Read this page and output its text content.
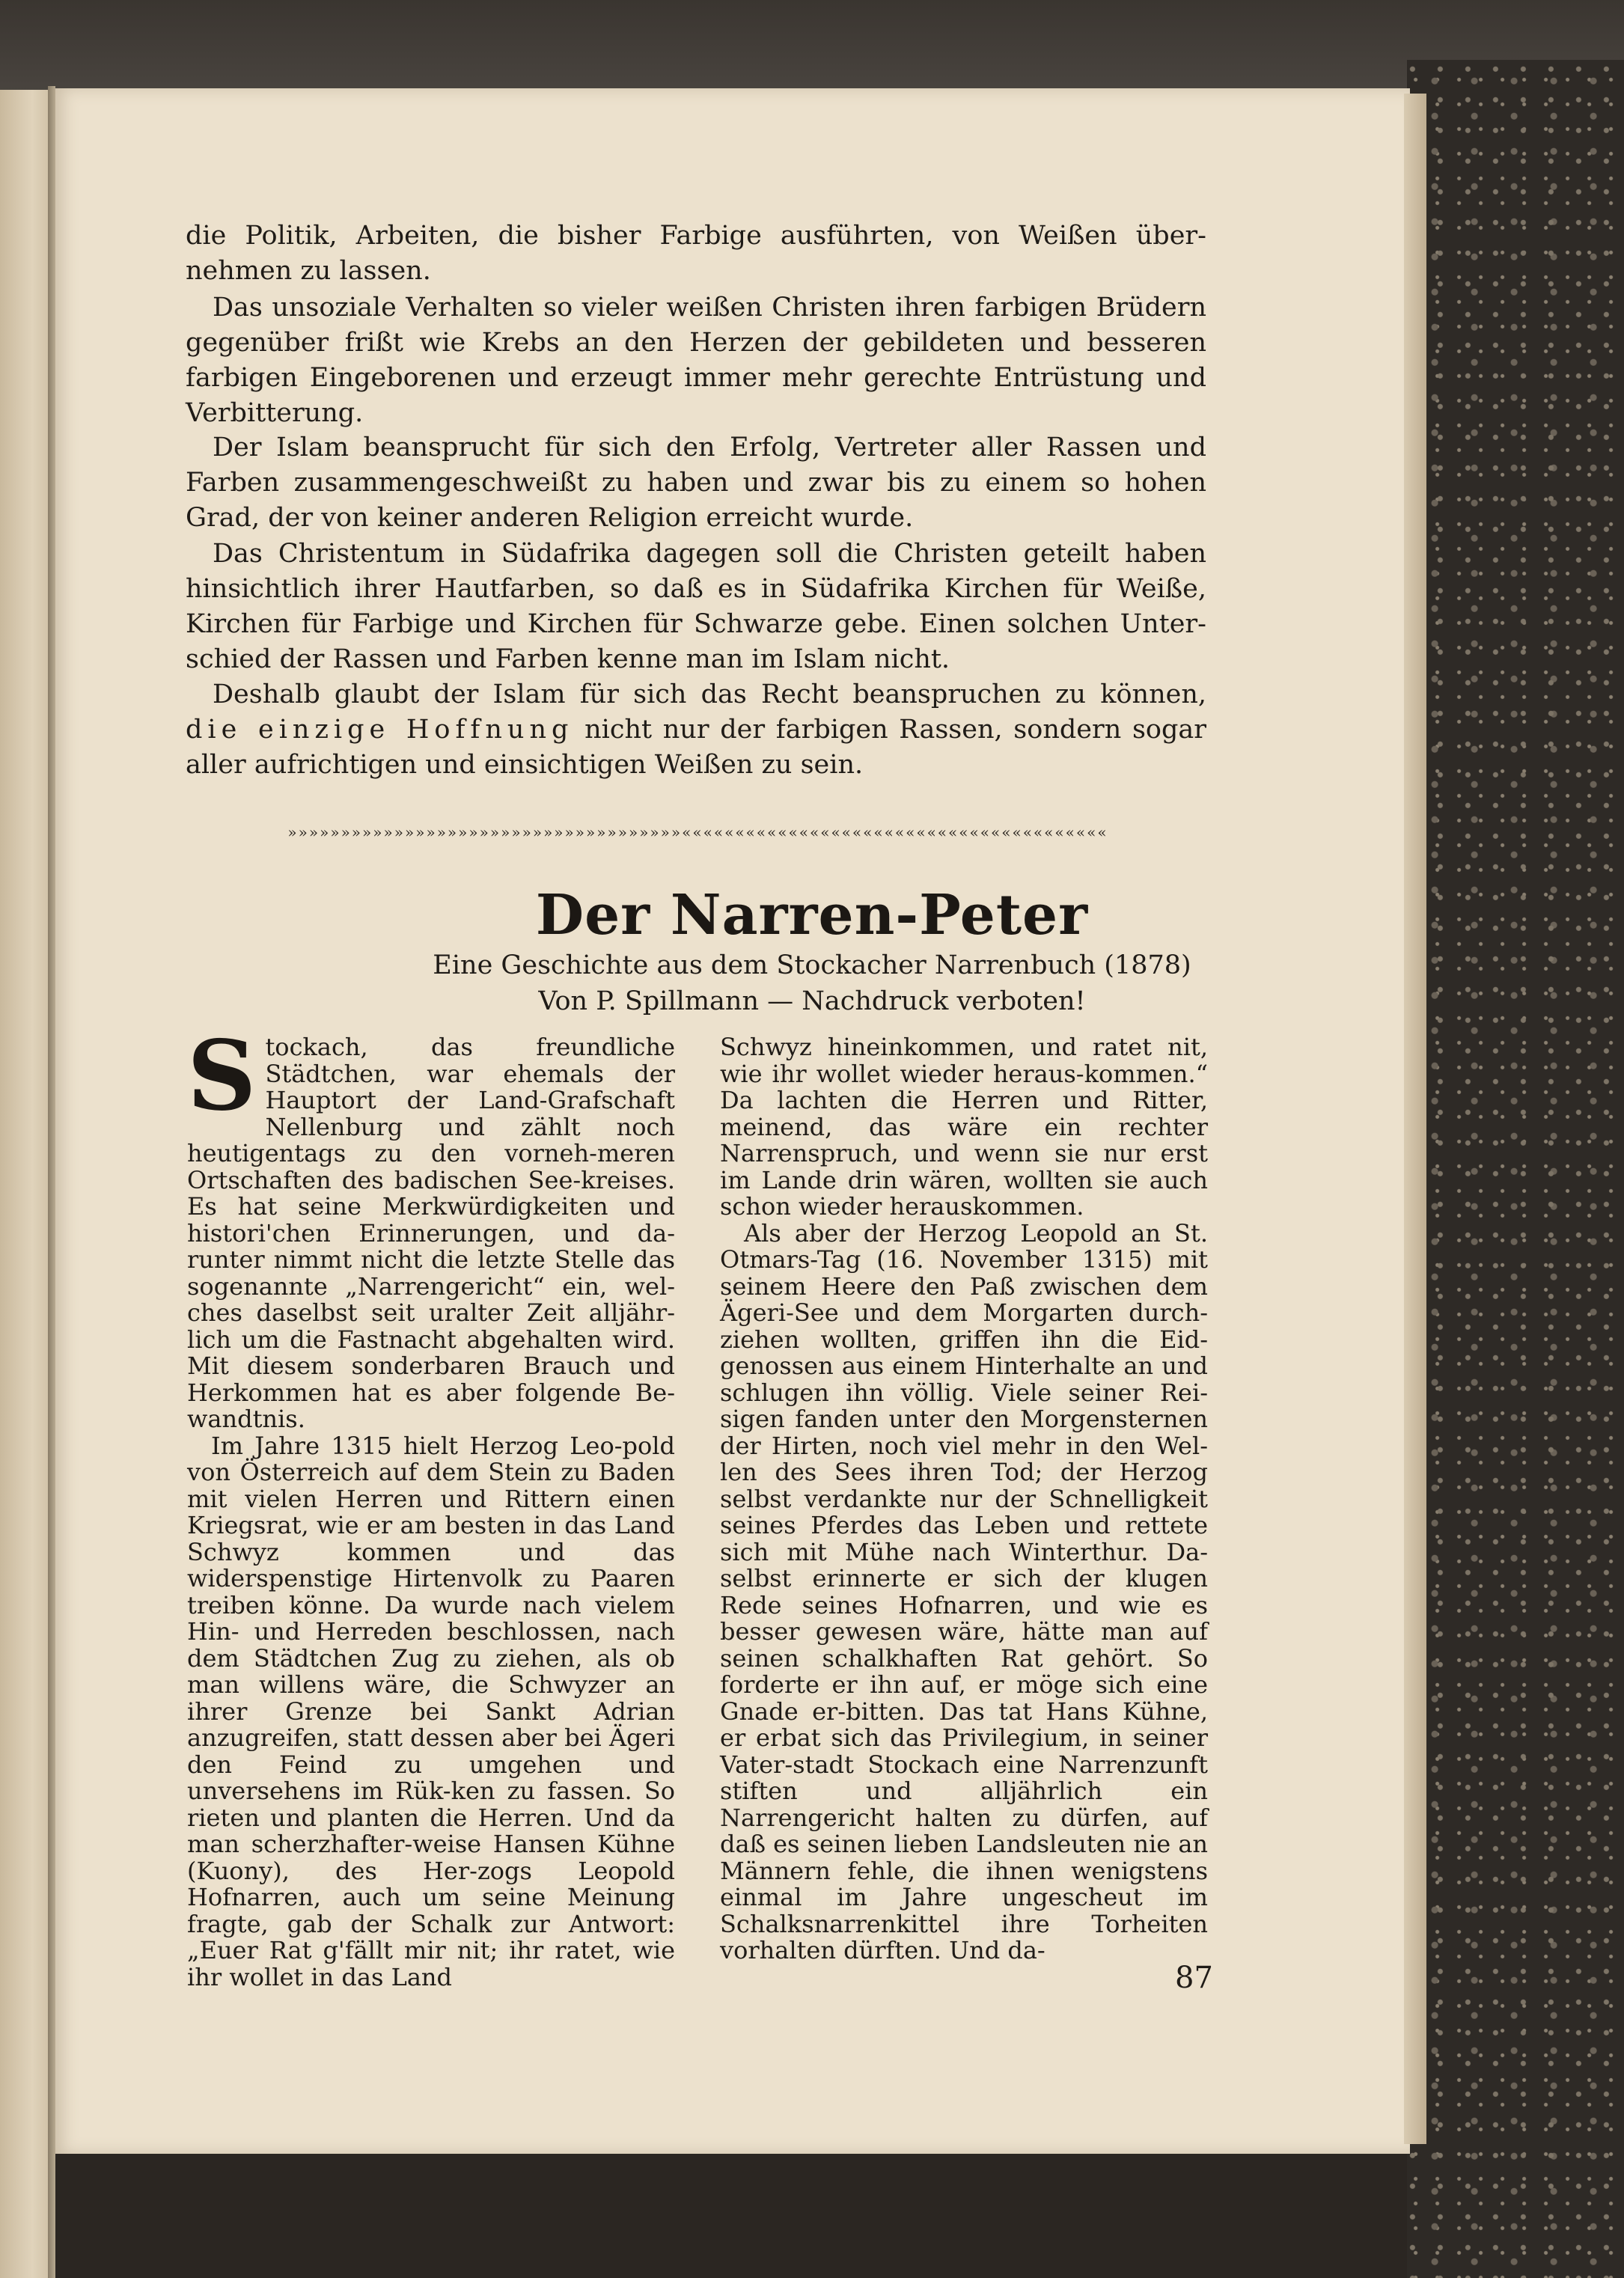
die Politik, Arbeiten, die bisher Farbige ausführten, von Weißen über-nehmen zu lassen.

Das unsoziale Verhalten so vieler weißen Christen ihren farbigen Brüdern gegenüber frißt wie Krebs an den Herzen der gebildeten und besseren farbigen Eingeborenen und erzeugt immer mehr gerechte Entrüstung und Verbitterung.

Der Islam beansprucht für sich den Erfolg, Vertreter aller Rassen und Farben zusammengeschweißt zu haben und zwar bis zu einem so hohen Grad, der von keiner anderen Religion erreicht wurde.

Das Christentum in Südafrika dagegen soll die Christen geteilt haben hinsichtlich ihrer Hautfarben, so daß es in Südafrika Kirchen für Weiße, Kirchen für Farbige und Kirchen für Schwarze gebe. Einen solchen Unter-schied der Rassen und Farben kenne man im Islam nicht.

Deshalb glaubt der Islam für sich das Recht beanspruchen zu können, die einzige Hoffnung nicht nur der farbigen Rassen, sondern sogar aller aufrichtigen und einsichtigen Weißen zu sein.

»»»»»»»»»»»»»»»»»»»»»»»»»»»»»»»»»»»»»««««««««««««««««««««««««««««««««««««««««
Der Narren-Peter
Eine Geschichte aus dem Stockacher Narrenbuch (1878)
Von P. Spillmann — Nachdruck verboten!

Stockach, das freundliche Städtchen, war ehemals der Hauptort der Land-Grafschaft Nellenburg und zählt noch heutigentags zu den vorneh-meren Ortschaften des badischen See-kreises. Es hat seine Merkwürdigkeiten und histori'chen Erinnerungen, und da-runter nimmt nicht die letzte Stelle das sogenannte „Narrengericht“ ein, wel-ches daselbst seit uralter Zeit alljähr-lich um die Fastnacht abgehalten wird. Mit diesem sonderbaren Brauch und Herkommen hat es aber folgende Be-wandtnis.

Im Jahre 1315 hielt Herzog Leo-pold von Österreich auf dem Stein zu Baden mit vielen Herren und Rittern einen Kriegsrat, wie er am besten in das Land Schwyz kommen und das widerspenstige Hirtenvolk zu Paaren treiben könne. Da wurde nach vielem Hin- und Herreden beschlossen, nach dem Städtchen Zug zu ziehen, als ob man willens wäre, die Schwyzer an ihrer Grenze bei Sankt Adrian anzugreifen, statt dessen aber bei Ägeri den Feind zu umgehen und unversehens im Rük-ken zu fassen. So rieten und planten die Herren. Und da man scherzhafter-weise Hansen Kühne (Kuony), des Her-zogs Leopold Hofnarren, auch um seine Meinung fragte, gab der Schalk zur Antwort: „Euer Rat g'fällt mir nit; ihr ratet, wie ihr wollet in das Land

Schwyz hineinkommen, und ratet nit, wie ihr wollet wieder heraus-kommen.“ Da lachten die Herren und Ritter, meinend, das wäre ein rechter Narrenspruch, und wenn sie nur erst im Lande drin wären, wollten sie auch schon wieder herauskommen.

Als aber der Herzog Leopold an St. Otmars-Tag (16. November 1315) mit seinem Heere den Paß zwischen dem Ägeri-See und dem Morgarten durch-ziehen wollten, griffen ihn die Eid-genossen aus einem Hinterhalte an und schlugen ihn völlig. Viele seiner Rei-sigen fanden unter den Morgensternen der Hirten, noch viel mehr in den Wel-len des Sees ihren Tod; der Herzog selbst verdankte nur der Schnelligkeit seines Pferdes das Leben und rettete sich mit Mühe nach Winterthur. Da-selbst erinnerte er sich der klugen Rede seines Hofnarren, und wie es besser gewesen wäre, hätte man auf seinen schalkhaften Rat gehört. So forderte er ihn auf, er möge sich eine Gnade er-bitten. Das tat Hans Kühne, er erbat sich das Privilegium, in seiner Vater-stadt Stockach eine Narrenzunft stiften und alljährlich ein Narrengericht halten zu dürfen, auf daß es seinen lieben Landsleuten nie an Männern fehle, die ihnen wenigstens einmal im Jahre ungescheut im Schalksnarrenkittel ihre Torheiten vorhalten dürften. Und da-

87
